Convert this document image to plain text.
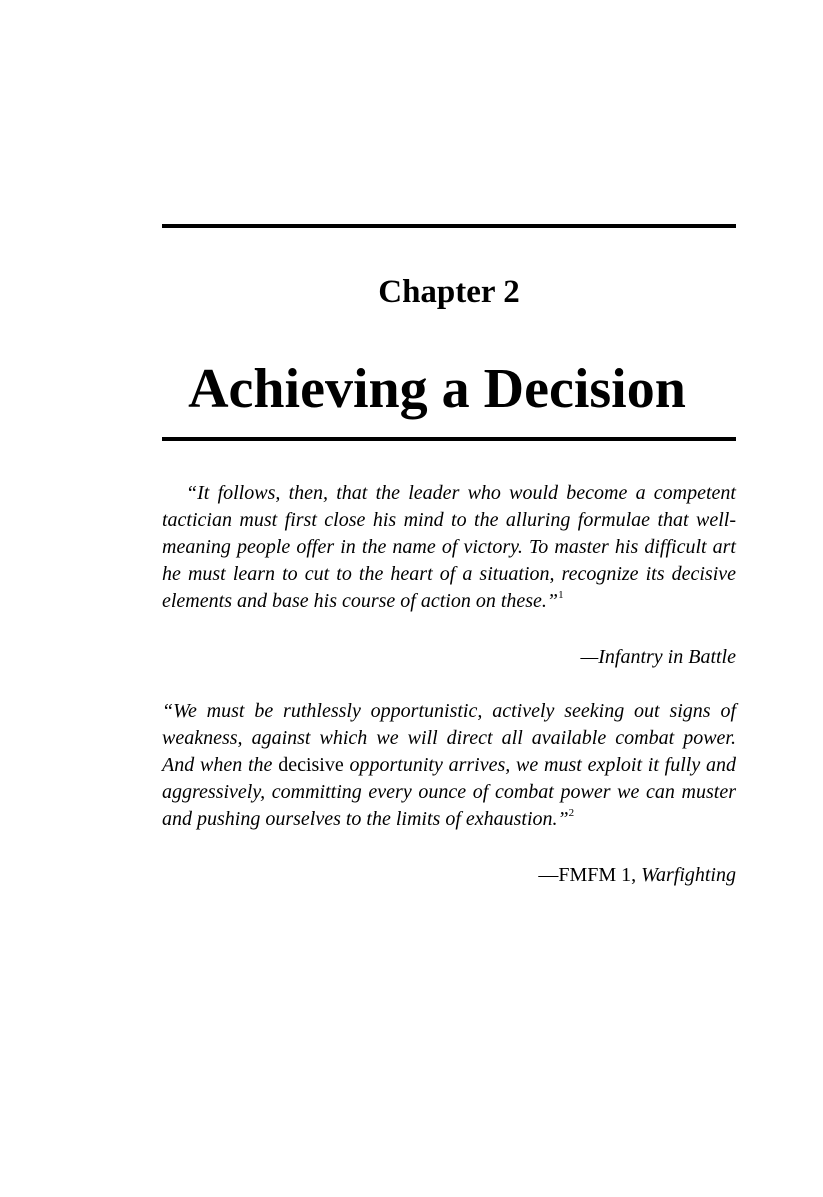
Chapter 2
Achieving a Decision
“It follows, then, that the leader who would become a competent tactician must first close his mind to the alluring formulae that well-meaning people offer in the name of victory. To master his difficult art he must learn to cut to the heart of a situation, recognize its decisive elements and base his course of action on these.”$^1$
—Infantry in Battle
“We must be ruthlessly opportunistic, actively seeking out signs of weakness, against which we will direct all available combat power. And when the decisive opportunity arrives, we must exploit it fully and aggressively, committing every ounce of combat power we can muster and pushing ourselves to the limits of exhaustion.”$^2$
—FMFM 1, Warfighting
